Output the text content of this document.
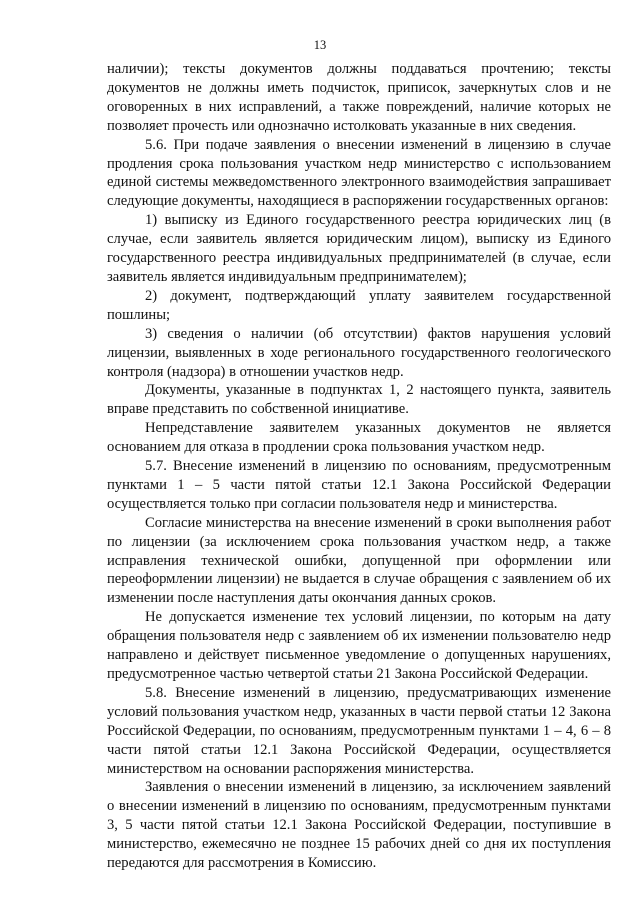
13

наличии); тексты документов должны поддаваться прочтению; тексты документов не должны иметь подчисток, приписок, зачеркнутых слов и не оговоренных в них исправлений, а также повреждений, наличие которых не позволяет прочесть или однозначно истолковать указанные в них сведения.

5.6. При подаче заявления о внесении изменений в лицензию в случае продления срока пользования участком недр министерство с использованием единой системы межведомственного электронного взаимодействия запрашивает следующие документы, находящиеся в распоряжении государственных органов:

1) выписку из Единого государственного реестра юридических лиц (в случае, если заявитель является юридическим лицом), выписку из Единого государственного реестра индивидуальных предпринимателей (в случае, если заявитель является индивидуальным предпринимателем);

2) документ, подтверждающий уплату заявителем государственной пошлины;

3) сведения о наличии (об отсутствии) фактов нарушения условий лицензии, выявленных в ходе регионального государственного геологического контроля (надзора) в отношении участков недр.

Документы, указанные в подпунктах 1, 2 настоящего пункта, заявитель вправе представить по собственной инициативе.

Непредставление заявителем указанных документов не является основанием для отказа в продлении срока пользования участком недр.

5.7. Внесение изменений в лицензию по основаниям, предусмотренным пунктами 1 – 5 части пятой статьи 12.1 Закона Российской Федерации осуществляется только при согласии пользователя недр и министерства.

Согласие министерства на внесение изменений в сроки выполнения работ по лицензии (за исключением срока пользования участком недр, а также исправления технической ошибки, допущенной при оформлении или переоформлении лицензии) не выдается в случае обращения с заявлением об их изменении после наступления даты окончания данных сроков.

Не допускается изменение тех условий лицензии, по которым на дату обращения пользователя недр с заявлением об их изменении пользователю недр направлено и действует письменное уведомление о допущенных нарушениях, предусмотренное частью четвертой статьи 21 Закона Российской Федерации.

5.8. Внесение изменений в лицензию, предусматривающих изменение условий пользования участком недр, указанных в части первой статьи 12 Закона Российской Федерации, по основаниям, предусмотренным пунктами 1 – 4, 6 – 8 части пятой статьи 12.1 Закона Российской Федерации, осуществляется министерством на основании распоряжения министерства.

Заявления о внесении изменений в лицензию, за исключением заявлений о внесении изменений в лицензию по основаниям, предусмотренным пунктами 3, 5 части пятой статьи 12.1 Закона Российской Федерации, поступившие в министерство, ежемесячно не позднее 15 рабочих дней со дня их поступления передаются для рассмотрения в Комиссию.
